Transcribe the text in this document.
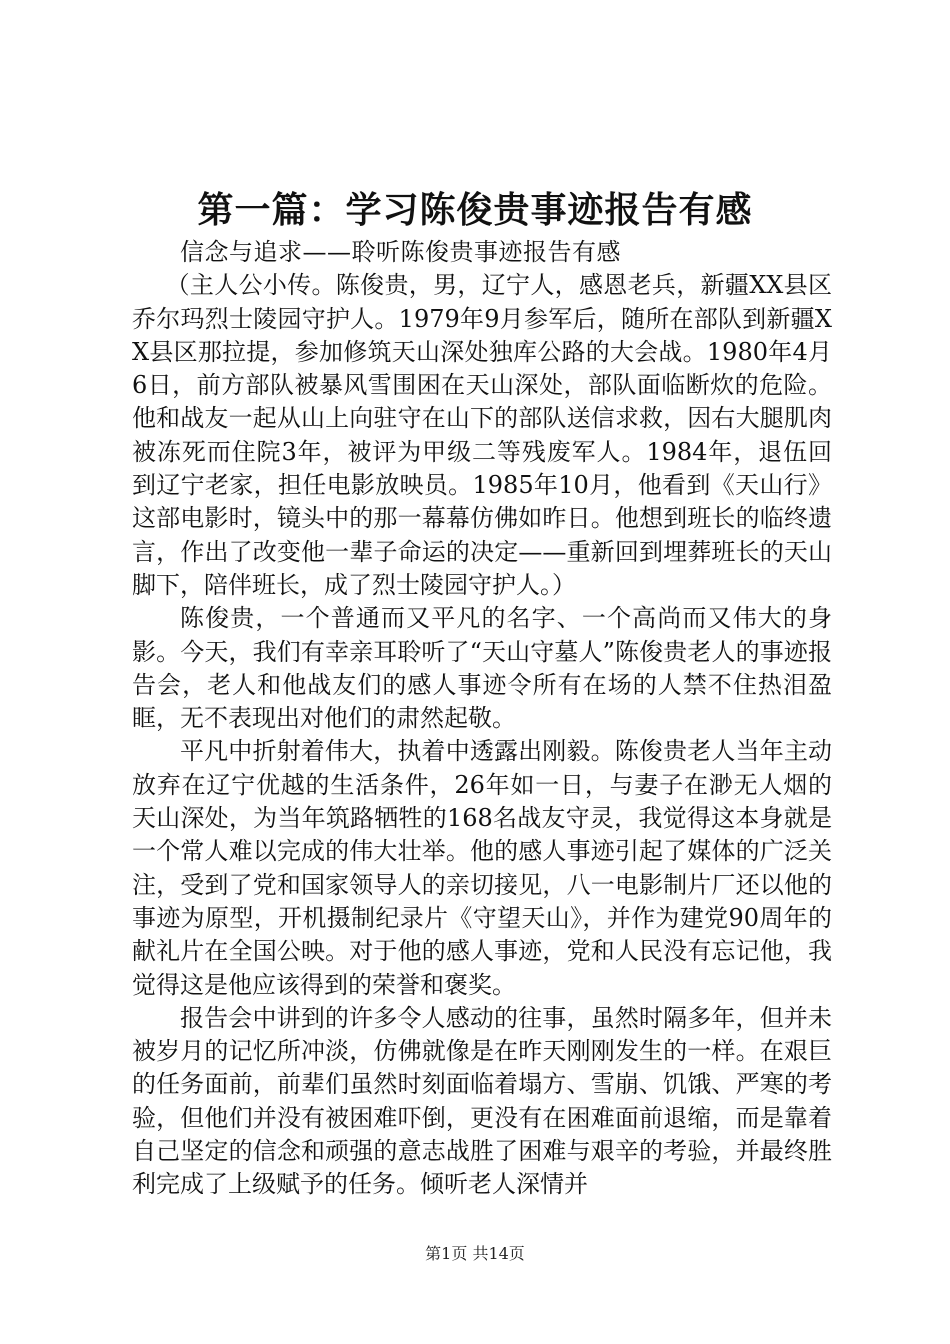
第一篇：学习陈俊贵事迹报告有感

信念与追求——聆听陈俊贵事迹报告有感

（主人公小传。陈俊贵，男，辽宁人，感恩老兵，新疆XX县区乔尔玛烈士陵园守护人。1979年9月参军后，随所在部队到新疆XX县区那拉提，参加修筑天山深处独库公路的大会战。1980年4月6日，前方部队被暴风雪围困在天山深处，部队面临断炊的危险。他和战友一起从山上向驻守在山下的部队送信求救，因右大腿肌肉被冻死而住院3年，被评为甲级二等残废军人。1984年，退伍回到辽宁老家，担任电影放映员。1985年10月，他看到《天山行》这部电影时，镜头中的那一幕幕仿佛如昨日。他想到班长的临终遗言，作出了改变他一辈子命运的决定——重新回到埋葬班长的天山脚下，陪伴班长，成了烈士陵园守护人。）

陈俊贵，一个普通而又平凡的名字、一个高尚而又伟大的身影。今天，我们有幸亲耳聆听了“天山守墓人”陈俊贵老人的事迹报告会，老人和他战友们的感人事迹令所有在场的人禁不住热泪盈眶，无不表现出对他们的肃然起敬。

平凡中折射着伟大，执着中透露出刚毅。陈俊贵老人当年主动放弃在辽宁优越的生活条件，26年如一日，与妻子在渺无人烟的天山深处，为当年筑路牺牲的168名战友守灵，我觉得这本身就是一个常人难以完成的伟大壮举。他的感人事迹引起了媒体的广泛关注，受到了党和国家领导人的亲切接见，八一电影制片厂还以他的事迹为原型，开机摄制纪录片《守望天山》，并作为建党90周年的献礼片在全国公映。对于他的感人事迹，党和人民没有忘记他，我觉得这是他应该得到的荣誉和褒奖。

报告会中讲到的许多令人感动的往事，虽然时隔多年，但并未被岁月的记忆所冲淡，仿佛就像是在昨天刚刚发生的一样。在艰巨的任务面前，前辈们虽然时刻面临着塌方、雪崩、饥饿、严寒的考验，但他们并没有被困难吓倒，更没有在困难面前退缩，而是靠着自己坚定的信念和顽强的意志战胜了困难与艰辛的考验，并最终胜利完成了上级赋予的任务。倾听老人深情并

第1页 共14页
